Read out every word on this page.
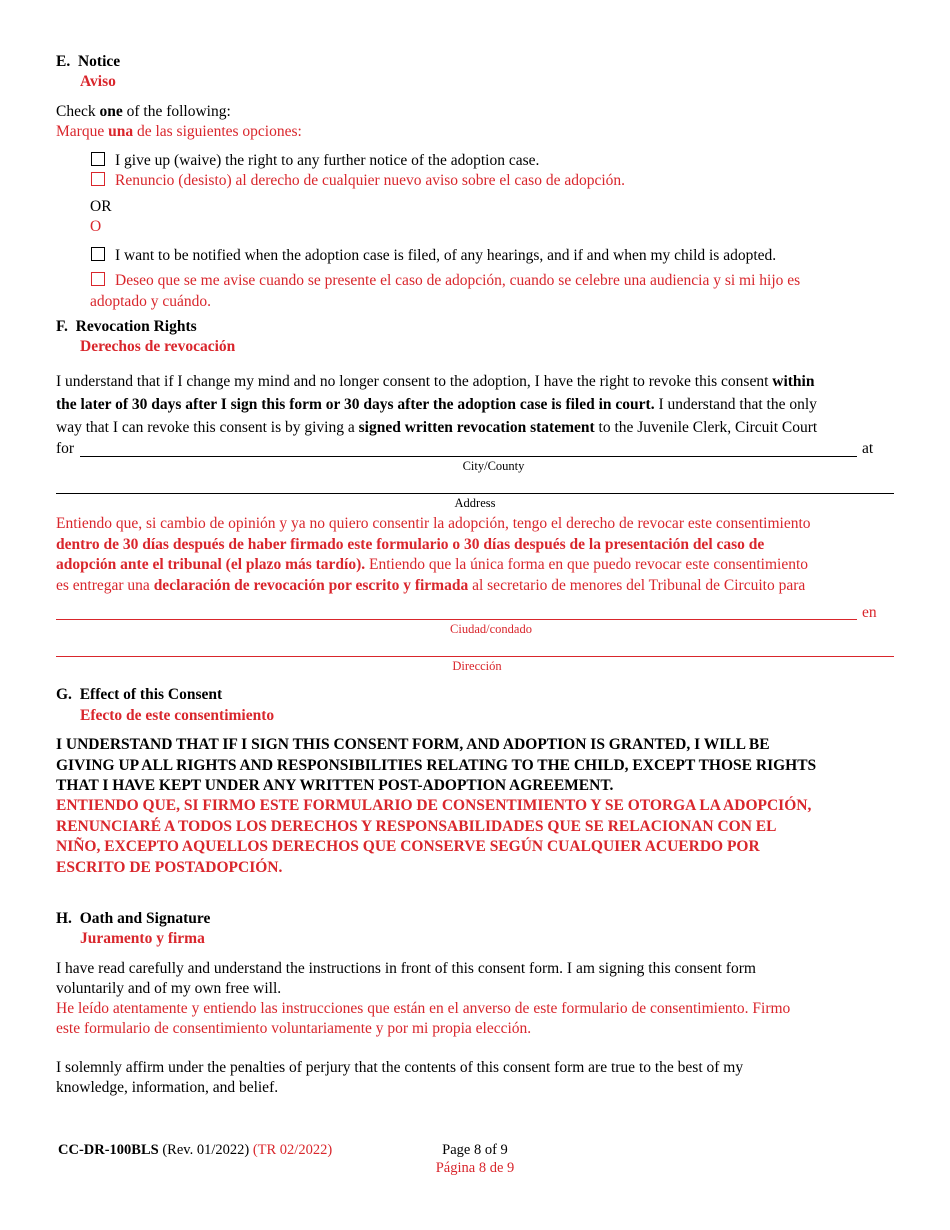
E. Notice
Aviso
Check one of the following:
Marque una de las siguientes opciones:
I give up (waive) the right to any further notice of the adoption case.
Renuncio (desisto) al derecho de cualquier nuevo aviso sobre el caso de adopción.
OR
O
I want to be notified when the adoption case is filed, of any hearings, and if and when my child is adopted.
Deseo que se me avise cuando se presente el caso de adopción, cuando se celebre una audiencia y si mi hijo es
adoptado y cuándo.
F. Revocation Rights
Derechos de revocación

I understand that if I change my mind and no longer consent to the adoption, I have the right to revoke this consent within

the later of 30 days after I sign this form or 30 days after the adoption case is filed in court. I understand that the only

way that I can revoke this consent is by giving a signed written revocation statement to the Juvenile Clerk, Circuit Court

for	at
City/County
Address

Entiendo que, si cambio de opinión y ya no quiero consentir la adopción, tengo el derecho de revocar este consentimiento

dentro de 30 días después de haber firmado este formulario o 30 días después de la presentación del caso de

adopción ante el tribunal (el plazo más tardío). Entiendo que la única forma en que puedo revocar este consentimiento

es entregar una declaración de revocación por escrito y firmada al secretario de menores del Tribunal de Circuito para

en
Ciudad/condado
Dirección
G. Effect of this Consent
Efecto de este consentimiento

I UNDERSTAND THAT IF I SIGN THIS CONSENT FORM, AND ADOPTION IS GRANTED, I WILL BE

GIVING UP ALL RIGHTS AND RESPONSIBILITIES RELATING TO THE CHILD, EXCEPT THOSE RIGHTS

THAT I HAVE KEPT UNDER ANY WRITTEN POST-ADOPTION AGREEMENT.

ENTIENDO QUE, SI FIRMO ESTE FORMULARIO DE CONSENTIMIENTO Y SE OTORGA LA ADOPCIÓN,

RENUNCIARÉ A TODOS LOS DERECHOS Y RESPONSABILIDADES QUE SE RELACIONAN CON EL

NIÑO, EXCEPTO AQUELLOS DERECHOS QUE CONSERVE SEGÚN CUALQUIER ACUERDO POR

ESCRITO DE POSTADOPCIÓN.

H. Oath and Signature
Juramento y firma

I have read carefully and understand the instructions in front of this consent form. I am signing this consent form

voluntarily and of my own free will.

He leído atentamente y entiendo las instrucciones que están en el anverso de este formulario de consentimiento. Firmo

este formulario de consentimiento voluntariamente y por mi propia elección.

I solemnly affirm under the penalties of perjury that the contents of this consent form are true to the best of my

knowledge, information, and belief.

CC-DR-100BLS (Rev. 01/2022) (TR 02/2022)	Page 8 of 9
Página 8 de 9
